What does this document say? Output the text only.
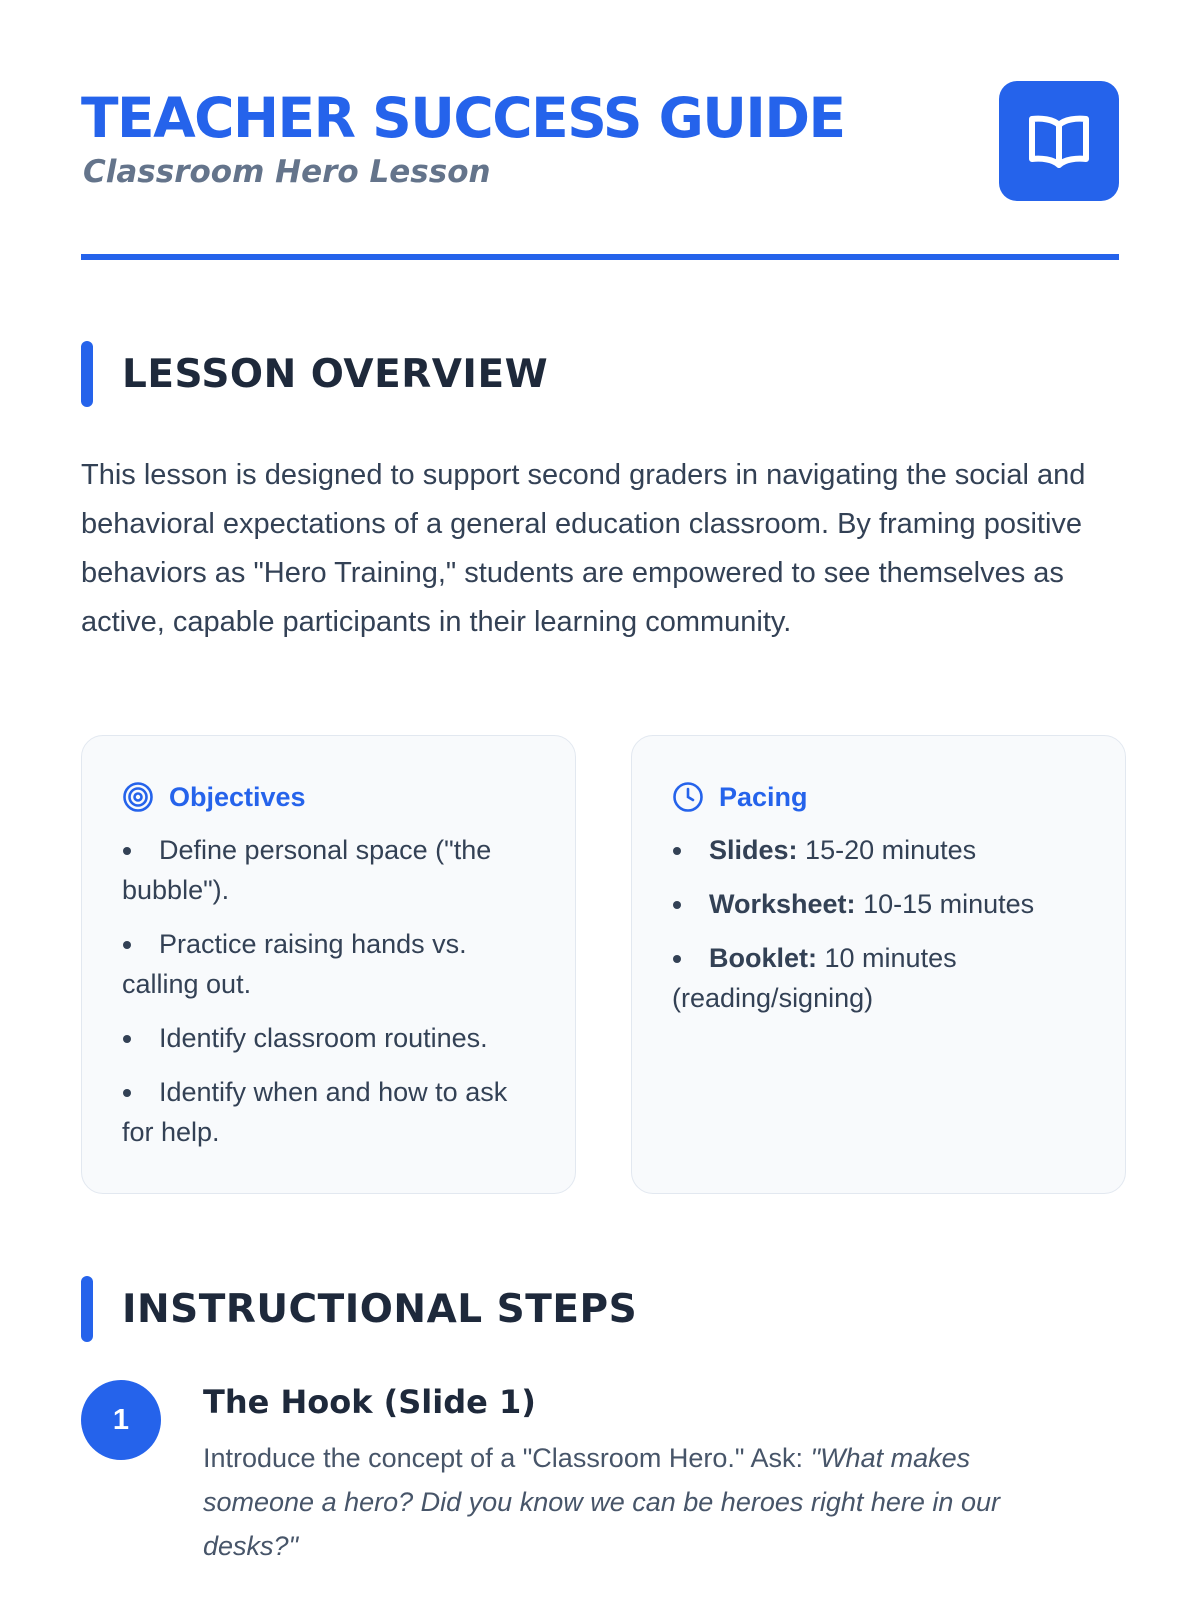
TEACHER SUCCESS GUIDE
Classroom Hero Lesson
LESSON OVERVIEW

This lesson is designed to support second graders in navigating the social and behavioral expectations of a general education classroom. By framing positive behaviors as "Hero Training," students are empowered to see themselves as active, capable participants in their learning community.

Objectives
Define personal space ("the bubble").
Practice raising hands vs. calling out.
Identify classroom routines.
Identify when and how to ask for help.
Pacing
Slides: 15-20 minutes
Worksheet: 10-15 minutes
Booklet: 10 minutes (reading/signing)
INSTRUCTIONAL STEPS
1	The Hook (Slide 1)

Introduce the concept of a "Classroom Hero." Ask: "What makes someone a hero? Did you know we can be heroes right here in our desks?"
